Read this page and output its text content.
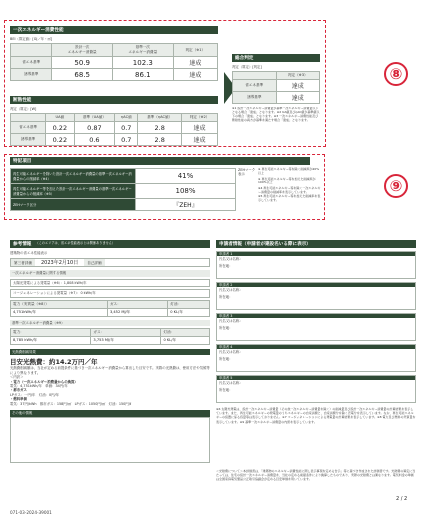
一次エネルギー消費性能
BEI（算定値）[GJ／年・㎡]
	設計一次
エネルギー消費量	基準一次
エネルギー消費量	判定（※1）
省エネ基準	50.9	102.3	達成
誘導基準	68.5	86.1	達成
断熱性能
判定（算定）[W]
	UA値	基準（UA値）	ηAC値	基準（ηAC値）	判定（※2）
省エネ基準	0.22	0.87	0.7	2.8	達成
誘導基準	0.22	0.6	0.7	2.8	達成
総合判定
判定（算定）[判定]
	判定（※3）
省エネ基準	達成
誘導基準	達成
※1 設計一次エネルギー消費量が基準一次エネルギー消費量以下となる場合「達成」となります。※2 UA値及びηAC値が基準値以下の場合「達成」となります。※3 一次エネルギー消費性能及び断熱性能の両方が基準を満たす場合「達成」となります。
⑧
特記項目
再生可能エネルギーを除いた設計一次エネルギー消費量の基準一次エネルギー消費量からの削減率（※4）	41%
再生可能エネルギー等を加えた設計一次エネルギー消費量の基準一次エネルギー消費量からの削減率（※5）	108%
ZEHマーク区分	『ZEH』
ZEHマーク表示
※ 再生可能エネルギー等を除く削減率が20%以上
※ 再生可能エネルギー等を加えた削減率が100%以上
※4 再生可能エネルギー等を除く一次エネルギー消費量の削減率を表示しています。
※5 再生可能エネルギー等を加えた削減率を表示しています。
⑨
参考情報 （このエリアは、省エネ性能表示とは関係ありません）
建築物の省エネ性能表示
第三者評価	2023年2月10日	自己評価
一次エネルギー消費量に関する情報
太陽光発電による発電量（※6）：1,808 kWh/年
コージェネレーションによる発電量（※7）：0 kWh/年
電力（実質量（※8））	ガス：	灯油：
4,751kWh/年	3,452 MJ/年	0 KL/年
基準一次エネルギー消費量（※9）
電力：	ガス：	灯油：
8,785 kWh/年	3,753 MJ/年	0 KL/年
光熱費削減効果
目安光熱費：約14.2万円／年
光熱費削減額は、当社が定める前提条件に基づき一次エネルギー消費量から算出した目安です。実際の光熱費は、使用方法や気候等により異なります。
＜内訳＞
・電力（一次エネルギー消費量からの換算）
電気：4,751kWh/年　単価：34円/年
・都市ガス
LPガス：一円/年　灯油：0円/年
・燃料単価
電気：37円/kWh　都市ガス：158円/㎥　LPガス：1050円/㎥　灯油：150円/ℓ
その他の情報
申請者情報（申請者が建設名いる際に表示）
申請者 1
氏名又は名称：
所在地：
申請者 2
氏名又は名称：
所在地：
申請者 3
氏名又は名称：
所在地：
申請者 4
氏名又は名称：
所在地：
申請者 5
氏名又は名称：
所在地：
※6 太陽光発電は、設計一次エネルギー消費量（その他一次エネルギー消費量を除く）の削減量及び設計一次エネルギー消費量の計算結果を表示しています。また、再生可能エネルギーの発電量のうちエネルギーの自家消費と、自家消費分を除く売電分を表示しています。なお、再生可能エネルギーの設置に係る容量等は表示しておりません。※7 コージェネレーションによる発電量の計算結果を表示しています。※8 電力及び燃料の実質量を表示しています。※9 基準一次エネルギー消費量の内訳を表示しています。
＜光熱費について＞本評価書は、「建築物のエネルギー消費性能に関し表示事項を定める告示」等に基づき作成された評価書です。光熱費の算定に当たっては、住宅の設計一次エネルギー消費量を、当社の定める前提条件により換算したものであり、実際の光熱費とは異なります。電気料金の単価は全国家庭電気製品公正取引協議会が定める目安単価を用いています。
2 / 2
071-03-2024-39001
